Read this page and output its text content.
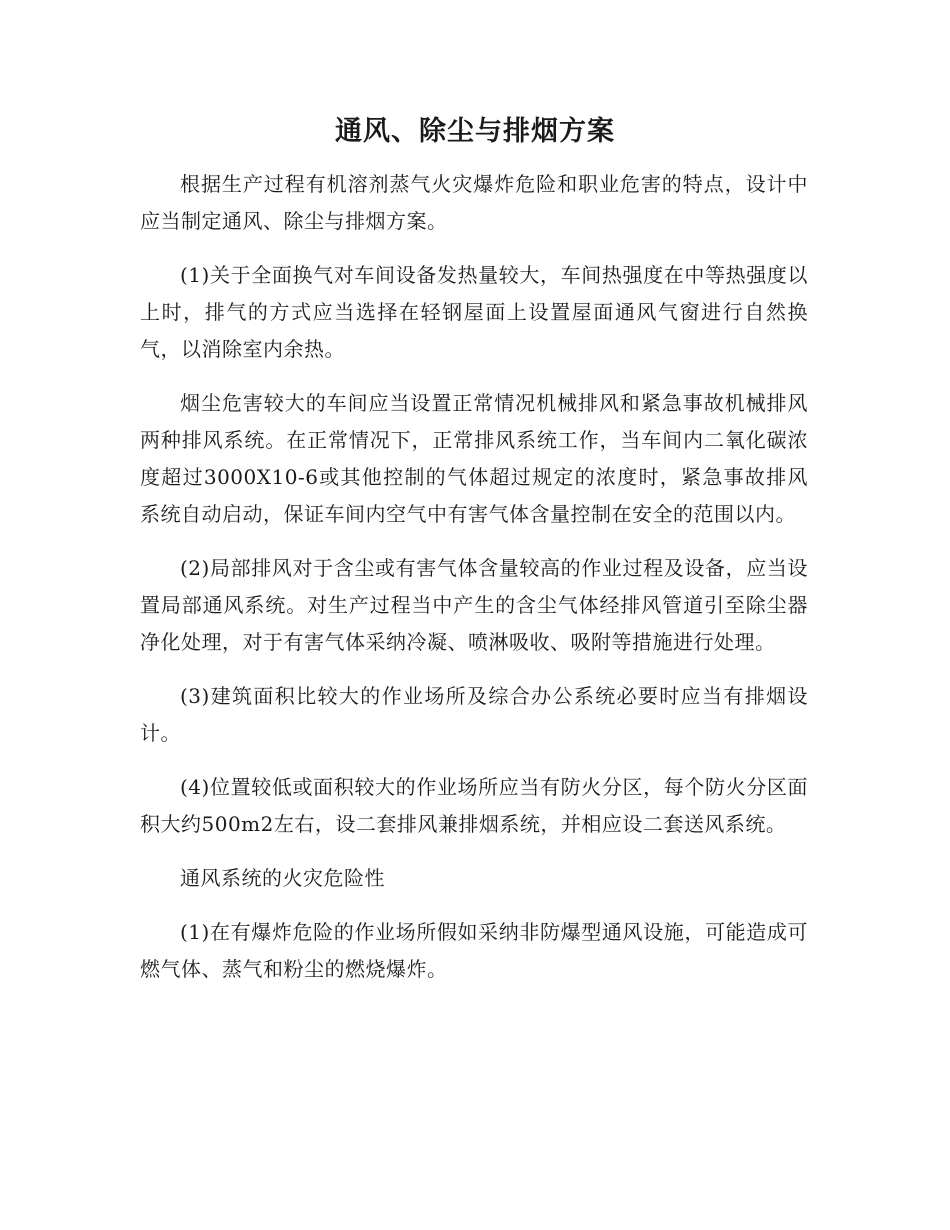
通风、除尘与排烟方案

根据生产过程有机溶剂蒸气火灾爆炸危险和职业危害的特点，设计中应当制定通风、除尘与排烟方案。

(1)关于全面换气对车间设备发热量较大，车间热强度在中等热强度以上时，排气的方式应当选择在轻钢屋面上设置屋面通风气窗进行自然换气，以消除室内余热。

烟尘危害较大的车间应当设置正常情况机械排风和紧急事故机械排风两种排风系统。在正常情况下，正常排风系统工作，当车间内二氧化碳浓度超过3000X10-6或其他控制的气体超过规定的浓度时，紧急事故排风系统自动启动，保证车间内空气中有害气体含量控制在安全的范围以内。

(2)局部排风对于含尘或有害气体含量较高的作业过程及设备，应当设置局部通风系统。对生产过程当中产生的含尘气体经排风管道引至除尘器净化处理，对于有害气体采纳冷凝、喷淋吸收、吸附等措施进行处理。

(3)建筑面积比较大的作业场所及综合办公系统必要时应当有排烟设计。

(4)位置较低或面积较大的作业场所应当有防火分区，每个防火分区面积大约500m2左右，设二套排风兼排烟系统，并相应设二套送风系统。

通风系统的火灾危险性

(1)在有爆炸危险的作业场所假如采纳非防爆型通风设施，可能造成可燃气体、蒸气和粉尘的燃烧爆炸。
